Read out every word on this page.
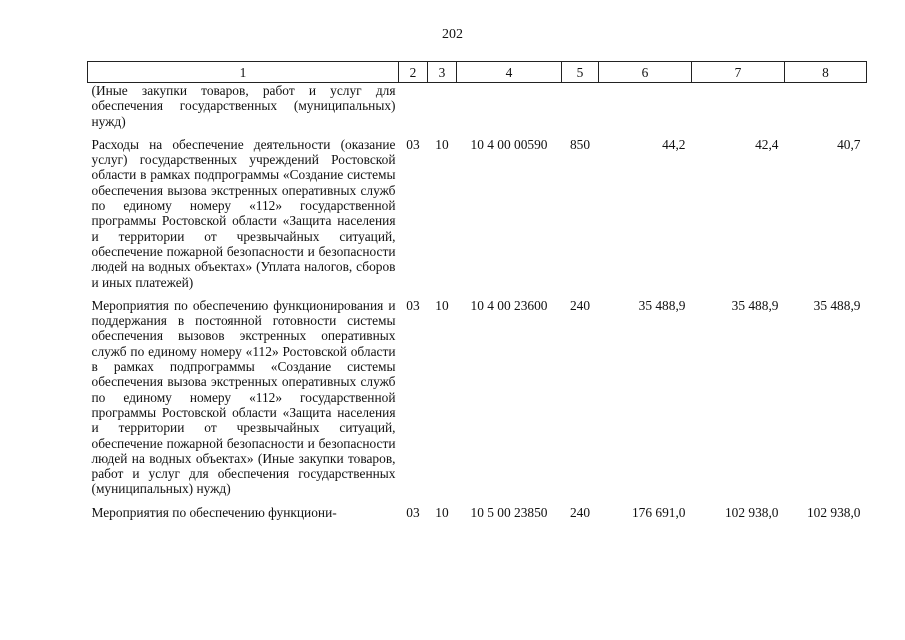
202
1	2	3	4	5	6	7	8
(Иные закупки товаров, работ и услуг для обеспечения государственных (муниципальных) нужд)							

Расходы на обеспечение деятельности (оказание услуг) государственных учреждений Ростовской области в рамках подпрограммы «Создание системы обеспечения вызова экстренных оперативных служб по единому номеру «112» государственной программы Ростовской области «Защита населения и территории от чрезвычайных ситуаций, обеспечение пожарной безопасности и безопасности людей на водных объектах» (Уплата налогов, сборов и иных платежей)	03	10	10 4 00 00590	850	44,2	42,4	40,7

Мероприятия по обеспечению функционирования и поддержания в постоянной готовности системы обеспечения вызовов экстренных оперативных служб по единому номеру «112» Ростовской области в рамках подпрограммы «Создание системы обеспечения вызова экстренных оперативных служб по единому номеру «112» государственной программы Ростовской области «Защита населения и территории от чрезвычайных ситуаций, обеспечение пожарной безопасности и безопасности людей на водных объектах» (Иные закупки товаров, работ и услуг для обеспечения государственных (муниципальных) нужд)	03	10	10 4 00 23600	240	35 488,9	35 488,9	35 488,9

Мероприятия по обеспечению функциони-	03	10	10 5 00 23850	240	176 691,0	102 938,0	102 938,0
